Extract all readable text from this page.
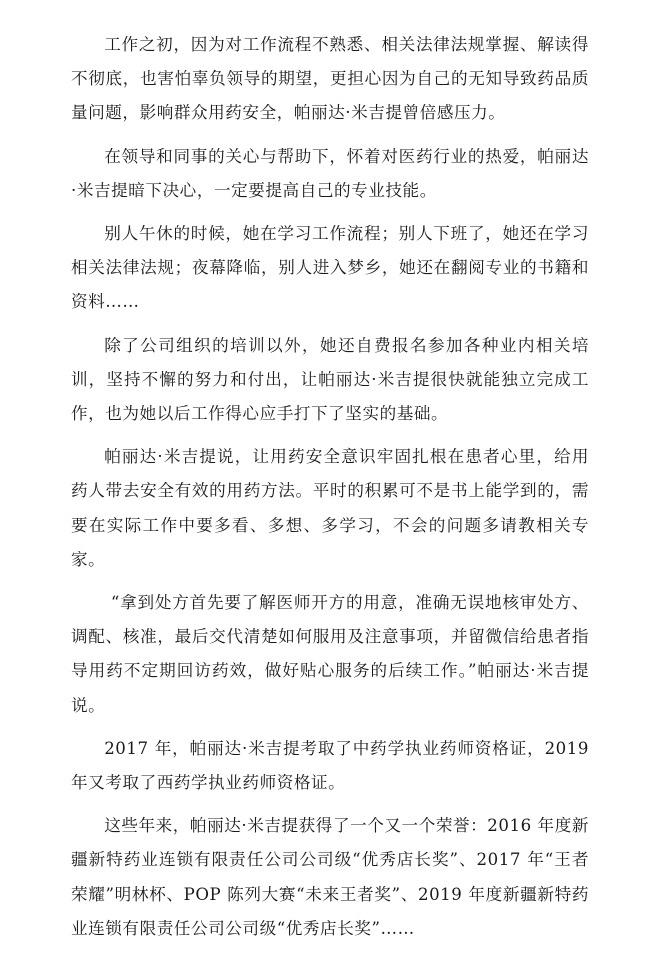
工作之初，因为对工作流程不熟悉、相关法律法规掌握、解读得不彻底，也害怕辜负领导的期望，更担心因为自己的无知导致药品质量问题，影响群众用药安全，帕丽达·米吉提曾倍感压力。

在领导和同事的关心与帮助下，怀着对医药行业的热爱，帕丽达·米吉提暗下决心，一定要提高自己的专业技能。

别人午休的时候，她在学习工作流程；别人下班了，她还在学习相关法律法规；夜幕降临，别人进入梦乡，她还在翻阅专业的书籍和资料……

除了公司组织的培训以外，她还自费报名参加各种业内相关培训，坚持不懈的努力和付出，让帕丽达·米吉提很快就能独立完成工作，也为她以后工作得心应手打下了坚实的基础。

帕丽达·米吉提说，让用药安全意识牢固扎根在患者心里，给用药人带去安全有效的用药方法。平时的积累可不是书上能学到的，需要在实际工作中要多看、多想、多学习，不会的问题多请教相关专家。

“拿到处方首先要了解医师开方的用意，准确无误地核审处方、调配、核准，最后交代清楚如何服用及注意事项，并留微信给患者指导用药不定期回访药效，做好贴心服务的后续工作。”帕丽达·米吉提说。

2017 年，帕丽达·米吉提考取了中药学执业药师资格证，2019 年又考取了西药学执业药师资格证。

这些年来，帕丽达·米吉提获得了一个又一个荣誉：2016 年度新疆新特药业连锁有限责任公司公司级“优秀店长奖”、2017 年“王者荣耀”明林杯、POP 陈列大赛“未来王者奖”、2019 年度新疆新特药业连锁有限责任公司公司级“优秀店长奖”……
